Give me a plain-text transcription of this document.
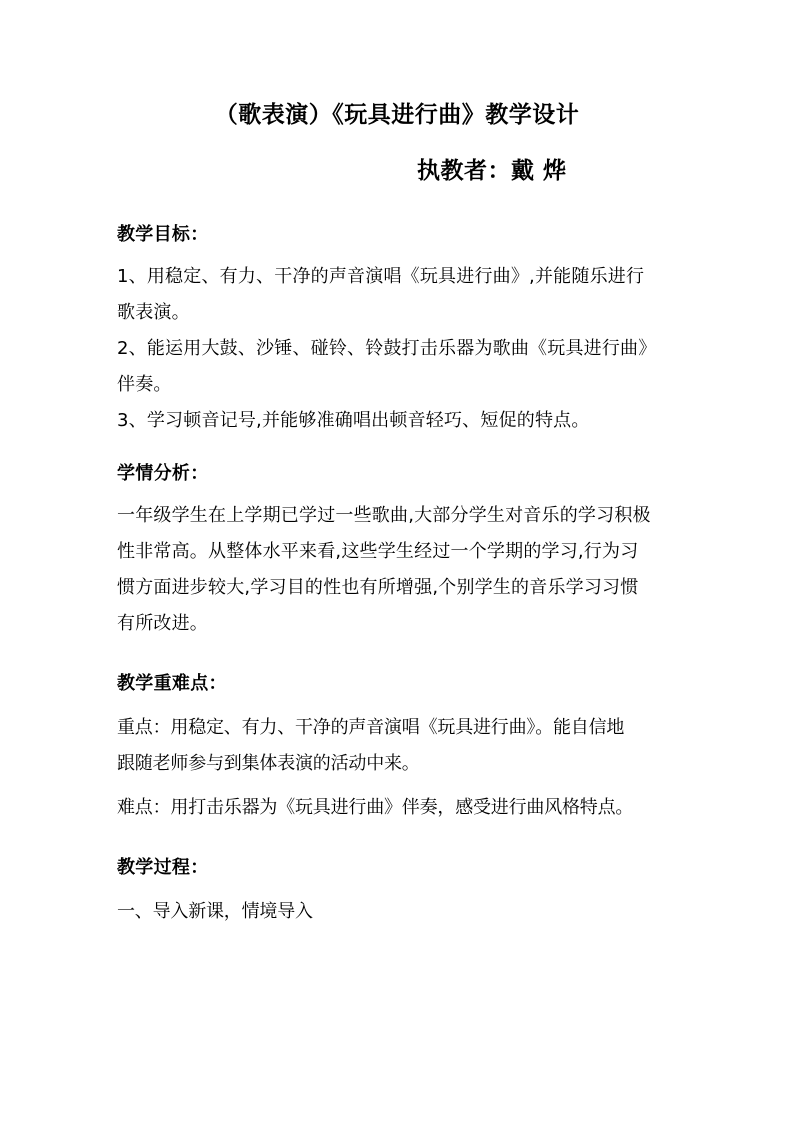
（歌表演）《玩具进行曲》教学设计
执教者：戴 烨
教学目标：

1、用稳定、有力、干净的声音演唱《玩具进行曲》,并能随乐进行

歌表演。

2、能运用大鼓、沙锤、碰铃、铃鼓打击乐器为歌曲《玩具进行曲》

伴奏。

3、学习顿音记号,并能够准确唱出顿音轻巧、短促的特点。

学情分析：

一年级学生在上学期已学过一些歌曲,大部分学生对音乐的学习积极

性非常高。从整体水平来看,这些学生经过一个学期的学习,行为习

惯方面进步较大,学习目的性也有所增强,个别学生的音乐学习习惯

有所改进。

教学重难点：

重点：用稳定、有力、干净的声音演唱《玩具进行曲》。能自信地

跟随老师参与到集体表演的活动中来。

难点：用打击乐器为《玩具进行曲》伴奏，感受进行曲风格特点。

教学过程：

一、导入新课，情境导入
